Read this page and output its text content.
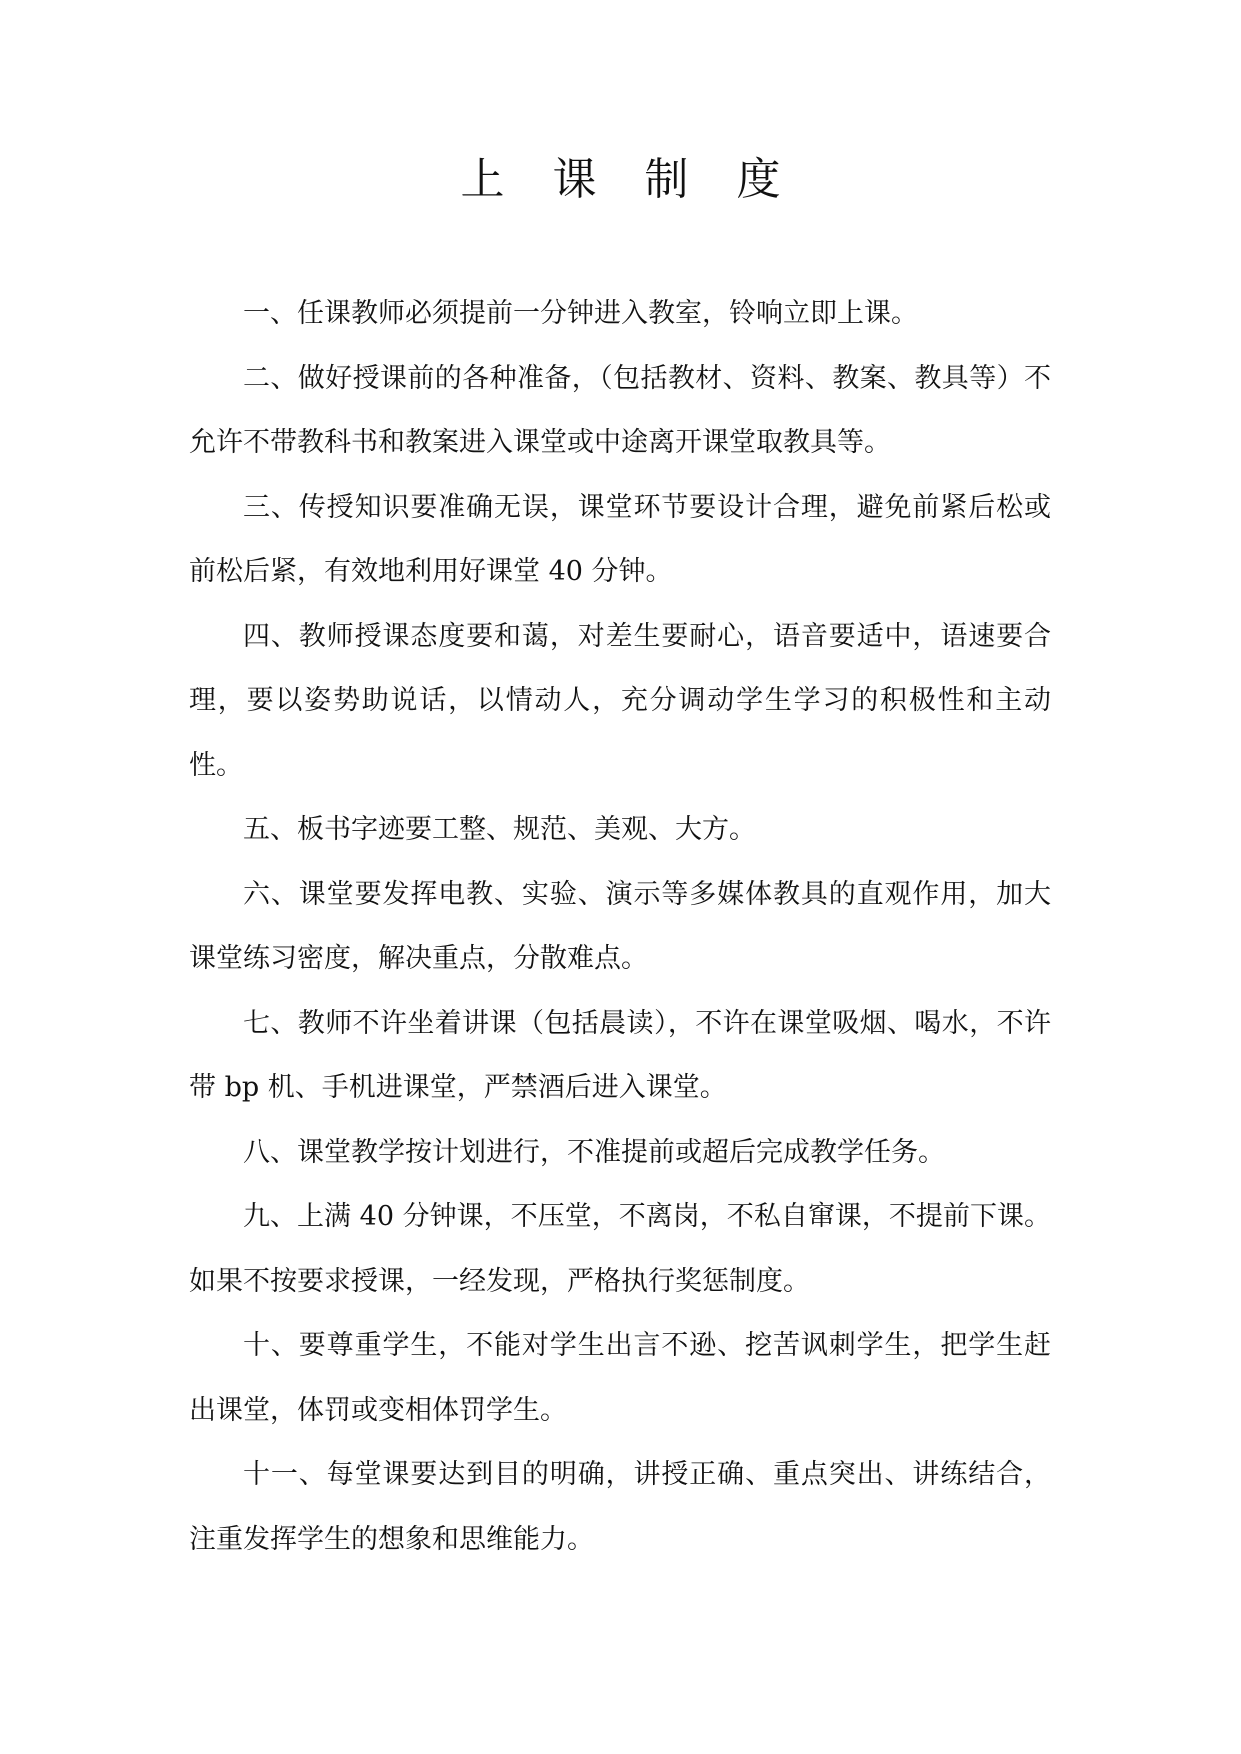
上课制度

一、任课教师必须提前一分钟进入教室，铃响立即上课。

二、做好授课前的各种准备，（包括教材、资料、教案、教具等）不允许不带教科书和教案进入课堂或中途离开课堂取教具等。

三、传授知识要准确无误，课堂环节要设计合理，避免前紧后松或前松后紧，有效地利用好课堂 40 分钟。

四、教师授课态度要和蔼，对差生要耐心，语音要适中，语速要合理，要以姿势助说话，以情动人，充分调动学生学习的积极性和主动性。

五、板书字迹要工整、规范、美观、大方。

六、课堂要发挥电教、实验、演示等多媒体教具的直观作用，加大课堂练习密度，解决重点，分散难点。

七、教师不许坐着讲课（包括晨读），不许在课堂吸烟、喝水，不许带 bp 机、手机进课堂，严禁酒后进入课堂。

八、课堂教学按计划进行，不准提前或超后完成教学任务。

九、上满 40 分钟课，不压堂，不离岗，不私自窜课，不提前下课。如果不按要求授课，一经发现，严格执行奖惩制度。

十、要尊重学生，不能对学生出言不逊、挖苦讽刺学生，把学生赶出课堂，体罚或变相体罚学生。

十一、每堂课要达到目的明确，讲授正确、重点突出、讲练结合，注重发挥学生的想象和思维能力。
